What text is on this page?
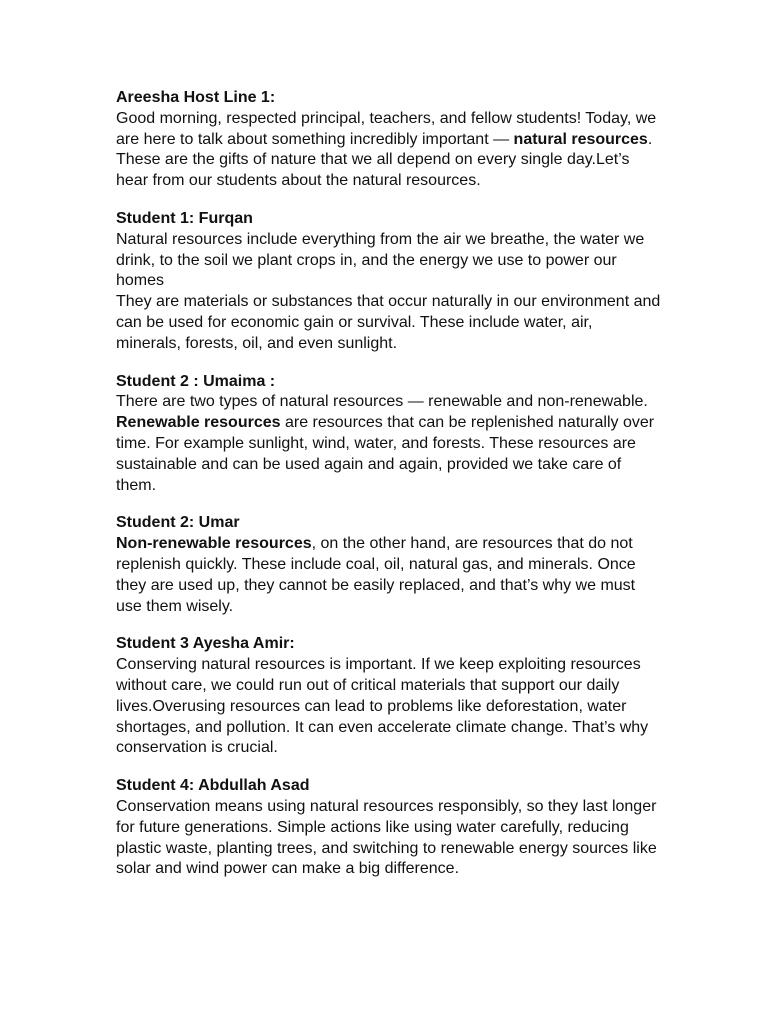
Areesha Host Line 1:

Good morning, respected principal, teachers, and fellow students! Today, we are here to talk about something incredibly important — natural resources. These are the gifts of nature that we all depend on every single day.Let’s hear from our students about the natural resources.

Student 1: Furqan

Natural resources include everything from the air we breathe, the water we drink, to the soil we plant crops in, and the energy we use to power our homes

They are materials or substances that occur naturally in our environment and can be used for economic gain or survival. These include water, air, minerals, forests, oil, and even sunlight.

Student 2 : Umaima :

There are two types of natural resources — renewable and non-renewable.

Renewable resources are resources that can be replenished naturally over time. For example sunlight, wind, water, and forests. These resources are sustainable and can be used again and again, provided we take care of them.

Student 2: Umar

Non-renewable resources, on the other hand, are resources that do not replenish quickly. These include coal, oil, natural gas, and minerals. Once they are used up, they cannot be easily replaced, and that’s why we must use them wisely.

Student 3 Ayesha Amir:

Conserving natural resources is important. If we keep exploiting resources without care, we could run out of critical materials that support our daily lives.Overusing resources can lead to problems like deforestation, water shortages, and pollution. It can even accelerate climate change. That’s why conservation is crucial.

Student 4: Abdullah Asad

Conservation means using natural resources responsibly, so they last longer for future generations. Simple actions like using water carefully, reducing plastic waste, planting trees, and switching to renewable energy sources like solar and wind power can make a big difference.
